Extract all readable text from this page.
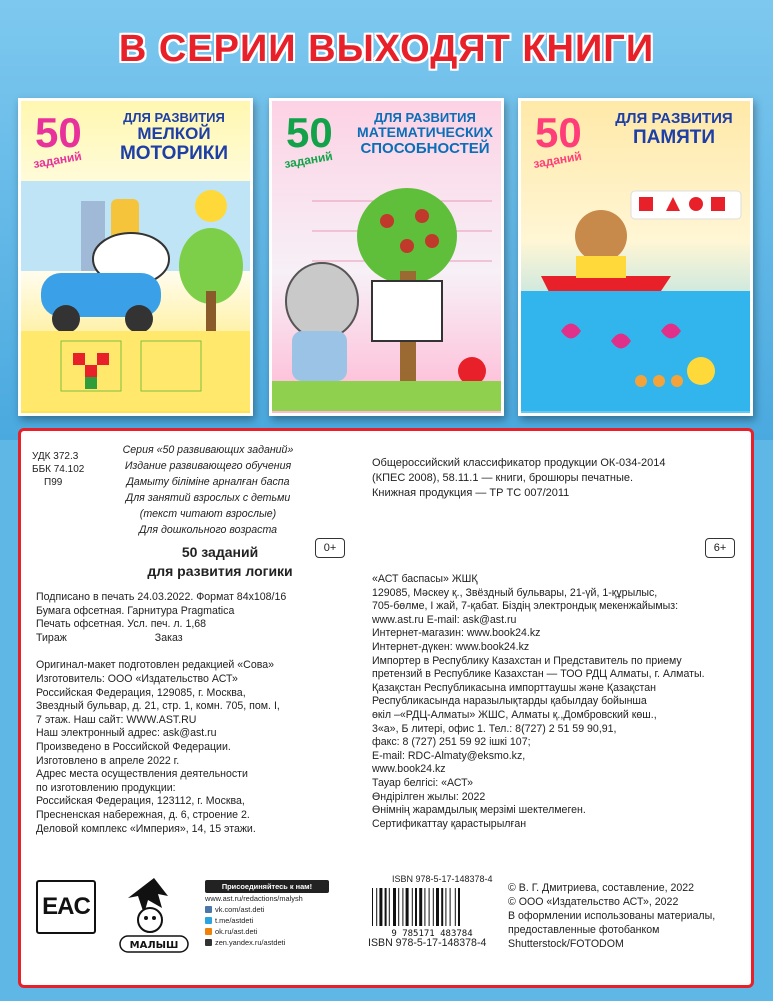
В СЕРИИ ВЫХОДЯТ КНИГИ
50
заданий
ДЛЯ РАЗВИТИЯ
МЕЛКОЙ
МОТОРИКИ	50
заданий
ДЛЯ РАЗВИТИЯ
МАТЕМАТИЧЕСКИХ
СПОСОБНОСТЕЙ 50
заданий
ДЛЯ РАЗВИТИЯ
ПАМЯТИ

УДК 372.3

ББК 74.102

П99

Серия «50 развивающих заданий»

Издание развивающего обучения

Дамыту біліміне арналған баспа

Для занятий взрослых с детьми

(текст читают взрослые)

Для дошкольного возраста

Общероссийский классификатор продукции ОК-034-2014

(КПЕС 2008), 58.11.1 — книги, брошюры печатные.

Книжная продукция — ТР ТС 007/2011

0+	6+

50 заданий

для развития логики

Подписано в печать 24.03.2022. Формат 84x108/16

Бумага офсетная. Гарнитура Pragmatica

Печать офсетная. Усл. печ. л. 1,68

Тираж	Заказ

Оригинал-макет подготовлен редакцией «Сова»

Изготовитель: ООО «Издательство АСТ»

Российская Федерация, 129085, г. Москва,

Звездный бульвар, д. 21, стр. 1, комн. 705, пом. I,

7 этаж. Наш сайт: WWW.AST.RU

Наш электронный адрес: ask@ast.ru

Произведено в Российской Федерации.

Изготовлено в апреле 2022 г.

Адрес места осуществления деятельности

по изготовлению продукции:

Российская Федерация, 123112, г. Москва,

Пресненская набережная, д. 6, строение 2.

Деловой комплекс «Империя», 14, 15 этажи.

«АСТ баспасы» ЖШҚ

129085, Мәскеу қ., Звёздный бульвары, 21-үй, 1-құрылыс,

705-бөлме, I жай, 7-қабат. Біздің электрондық мекенжайымыз:

www.ast.ru E-mail: ask@ast.ru

Интернет-магазин: www.book24.kz

Интернет-дүкен: www.book24.kz

Импортер в Республику Казахстан и Представитель по приему

претензий в Республике Казахстан — ТОО РДЦ Алматы, г. Алматы.

Қазақстан Республикасына импорттаушы және Қазақстан

Республикасында наразылықтарды қабылдау бойынша

өкіл –«РДЦ-Алматы» ЖШС, Алматы қ.,Домбровский көш.,

3«а», Б литері, офис 1. Тел.: 8(727) 2 51 59 90,91,

факс: 8 (727) 251 59 92 ішкі 107;

E-mail: RDC-Almaty@eksmo.kz,

www.book24.kz

Тауар белгісі: «АСТ»

Өндірілген жылы: 2022

Өнімнің жарамдылық мерзімі шектелмеген.

Сертификаттау қарастырылған

EAC
МАЛЫШ
Присоединяйтесь к нам!

www.ast.ru/redactions/malysh

vk.com/ast.deti
t.me/astdeti
ok.ru/ast.deti
zen.yandex.ru/astdeti
ISBN 978-5-17-148378-4
9 785171 483784
ISBN 978-5-17-148378-4

© В. Г. Дмитриева, составление, 2022

© ООО «Издательство АСТ», 2022

В оформлении использованы материалы,

предоставленные фотобанком

Shutterstock/FOTODOM
